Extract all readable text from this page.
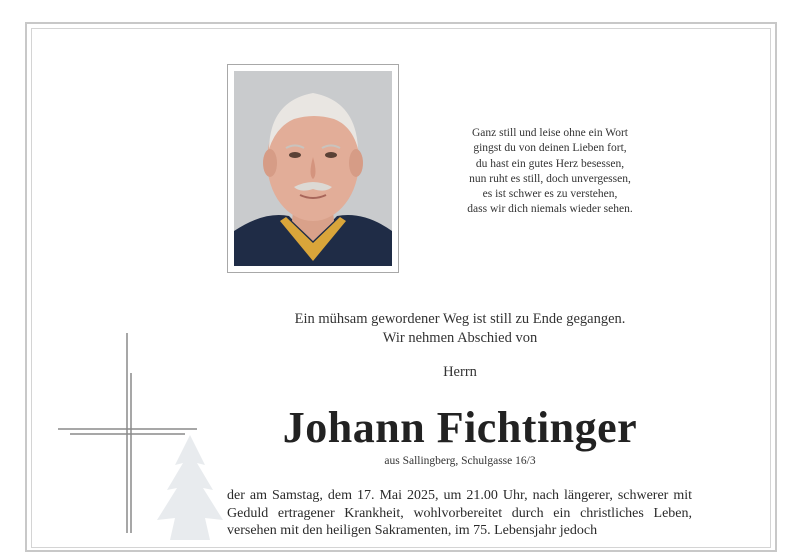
Ganz still und leise ohne ein Wort
gingst du von deinen Lieben fort,
du hast ein gutes Herz besessen,
nun ruht es still, doch unvergessen,
es ist schwer es zu verstehen,
dass wir dich niemals wieder sehen.
Ein mühsam gewordener Weg ist still zu Ende gegangen.
Wir nehmen Abschied von
Herrn
Johann Fichtinger
aus Sallingberg, Schulgasse 16/3
der am Samstag, dem 17. Mai 2025, um 21.00 Uhr, nach längerer, schwerer mit Geduld ertragener Krankheit, wohlvorbereitet durch ein christliches Leben, versehen mit den heiligen Sakramenten, im 75. Lebensjahr jedoch
